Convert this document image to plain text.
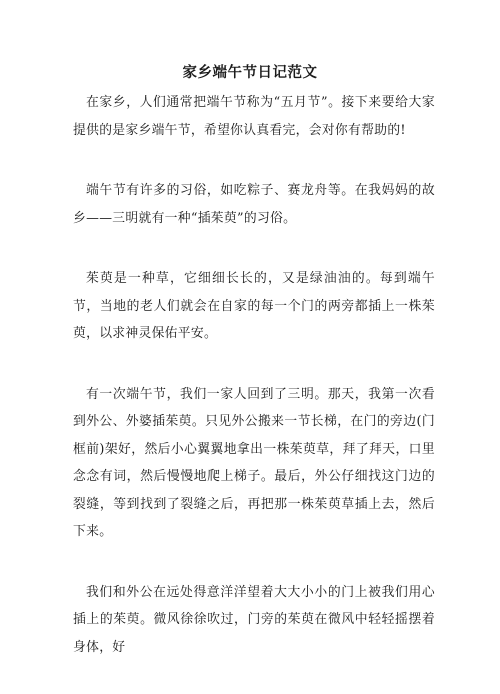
家乡端午节日记范文

在家乡，人们通常把端午节称为“五月节”。接下来要给大家提供的是家乡端午节，希望你认真看完，会对你有帮助的!

端午节有许多的习俗，如吃粽子、赛龙舟等。在我妈妈的故乡——三明就有一种“插茱萸”的习俗。

茱萸是一种草，它细细长长的，又是绿油油的。每到端午节，当地的老人们就会在自家的每一个门的两旁都插上一株茱萸，以求神灵保佑平安。

有一次端午节，我们一家人回到了三明。那天，我第一次看到外公、外婆插茱萸。只见外公搬来一节长梯，在门的旁边(门框前)架好，然后小心翼翼地拿出一株茱萸草，拜了拜天，口里念念有词，然后慢慢地爬上梯子。最后，外公仔细找这门边的裂缝，等到找到了裂缝之后，再把那一株茱萸草插上去，然后下来。

我们和外公在远处得意洋洋望着大大小小的门上被我们用心插上的茱萸。微风徐徐吹过，门旁的茱萸在微风中轻轻摇摆着身体，好
